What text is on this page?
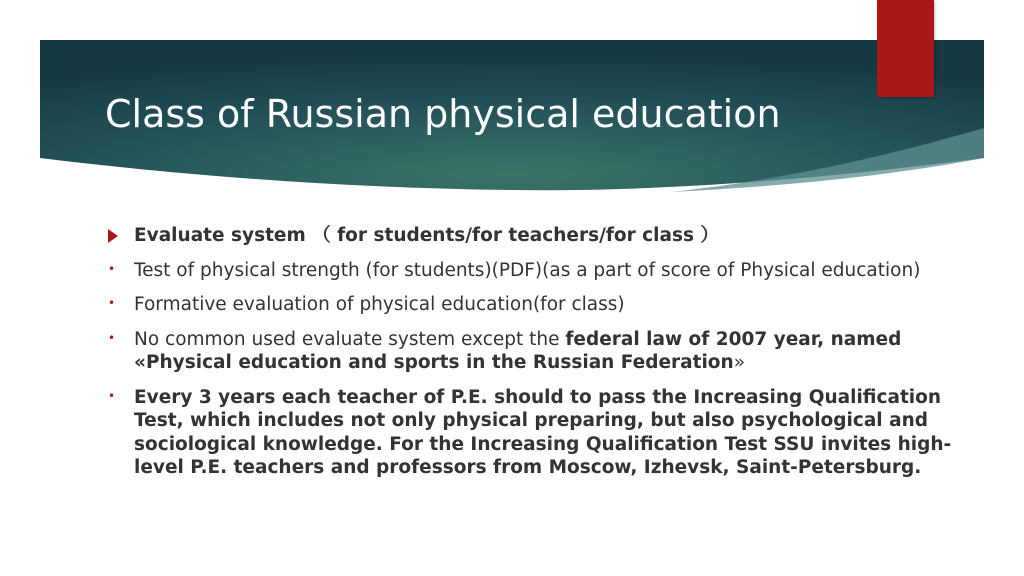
Class of Russian physical education
Evaluate system （ for students/for teachers/for class ）
• Test of physical strength (for students)(PDF)(as a part of score of Physical education)
• Formative evaluation of physical education(for class)
• No common used evaluate system except the federal law of 2007 year, named «Physical education and sports in the Russian Federation»
• Every 3 years each teacher of P.E. should to pass the Increasing Qualification Test, which includes not only physical preparing, but also psychological and sociological knowledge. For the Increasing Qualification Test SSU invites high-level P.E. teachers and professors from Moscow, Izhevsk, Saint-Petersburg.
